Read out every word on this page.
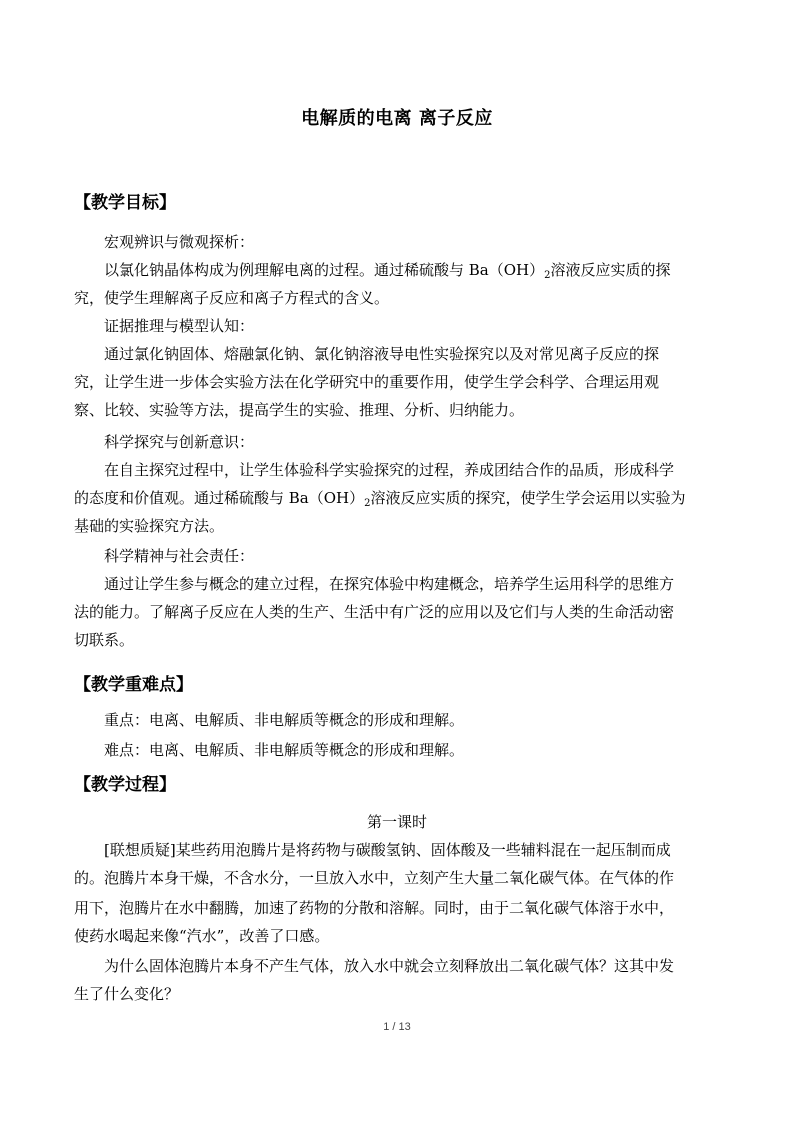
电解质的电离 离子反应
【教学目标】
宏观辨识与微观探析：
以氯化钠晶体构成为例理解电离的过程。通过稀硫酸与 $Ba(OH)_2$溶液反应实质的探
究，使学生理解离子反应和离子方程式的含义。
证据推理与模型认知：
通过氯化钠固体、熔融氯化钠、氯化钠溶液导电性实验探究以及对常见离子反应的探
究，让学生进一步体会实验方法在化学研究中的重要作用，使学生学会科学、合理运用观
察、比较、实验等方法，提高学生的实验、推理、分析、归纳能力。
科学探究与创新意识：
在自主探究过程中，让学生体验科学实验探究的过程，养成团结合作的品质，形成科学
的态度和价值观。通过稀硫酸与 $Ba(OH)_2$溶液反应实质的探究，使学生学会运用以实验为
基础的实验探究方法。
科学精神与社会责任：
通过让学生参与概念的建立过程，在探究体验中构建概念，培养学生运用科学的思维方
法的能力。了解离子反应在人类的生产、生活中有广泛的应用以及它们与人类的生命活动密
切联系。
【教学重难点】
重点：电离、电解质、非电解质等概念的形成和理解。
难点：电离、电解质、非电解质等概念的形成和理解。
【教学过程】
第一课时
[联想质疑]某些药用泡腾片是将药物与碳酸氢钠、固体酸及一些辅料混在一起压制而成
的。泡腾片本身干燥，不含水分，一旦放入水中，立刻产生大量二氧化碳气体。在气体的作
用下，泡腾片在水中翻腾，加速了药物的分散和溶解。同时，由于二氧化碳气体溶于水中，
使药水喝起来像“汽水”，改善了口感。
为什么固体泡腾片本身不产生气体，放入水中就会立刻释放出二氧化碳气体？这其中发
生了什么变化？
1 / 13
